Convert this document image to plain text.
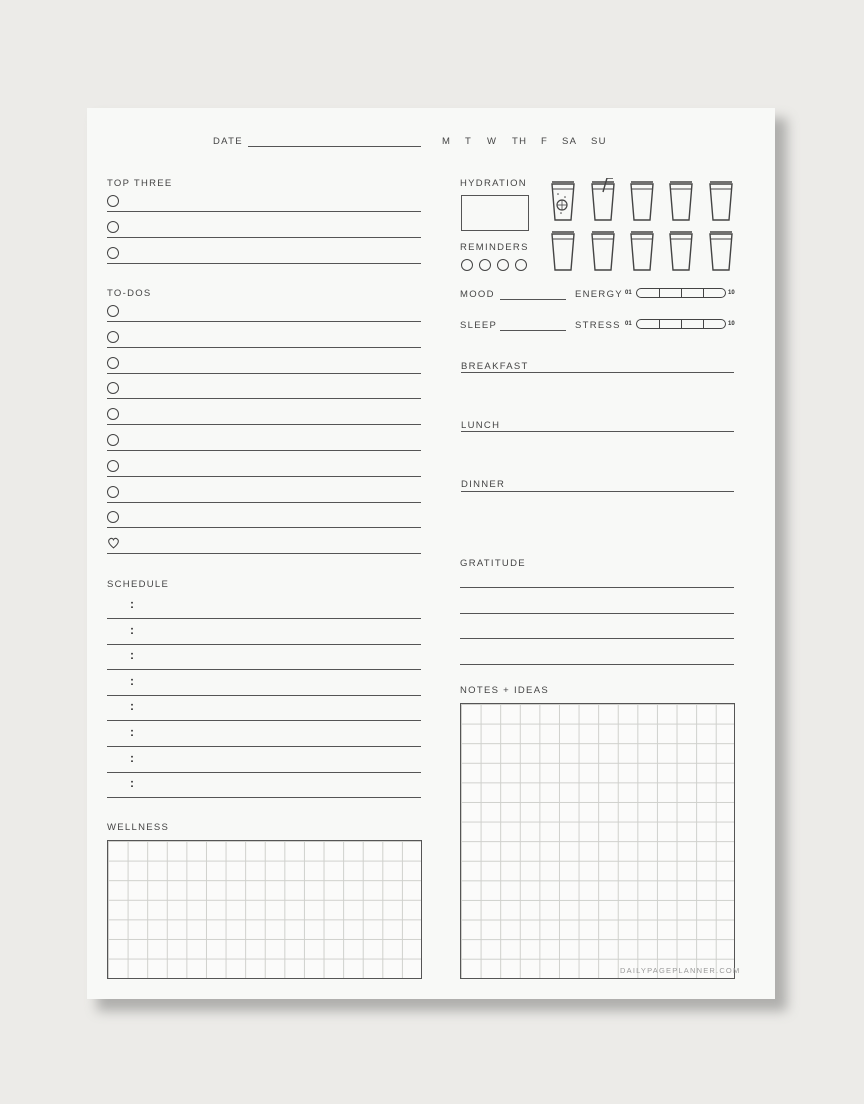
DATE	M T W TH F SA SU
TOP THREE
TO-DOS
SCHEDULE
:
:
:
:
:
:
:
:
WELLNESS
HYDRATION
REMINDERS
MOOD	ENERGY 01	10
SLEEP	STRESS 01	10
BREAKFAST
LUNCH
DINNER
GRATITUDE
NOTES + IDEAS
DAILYPAGEPLANNER.COM
